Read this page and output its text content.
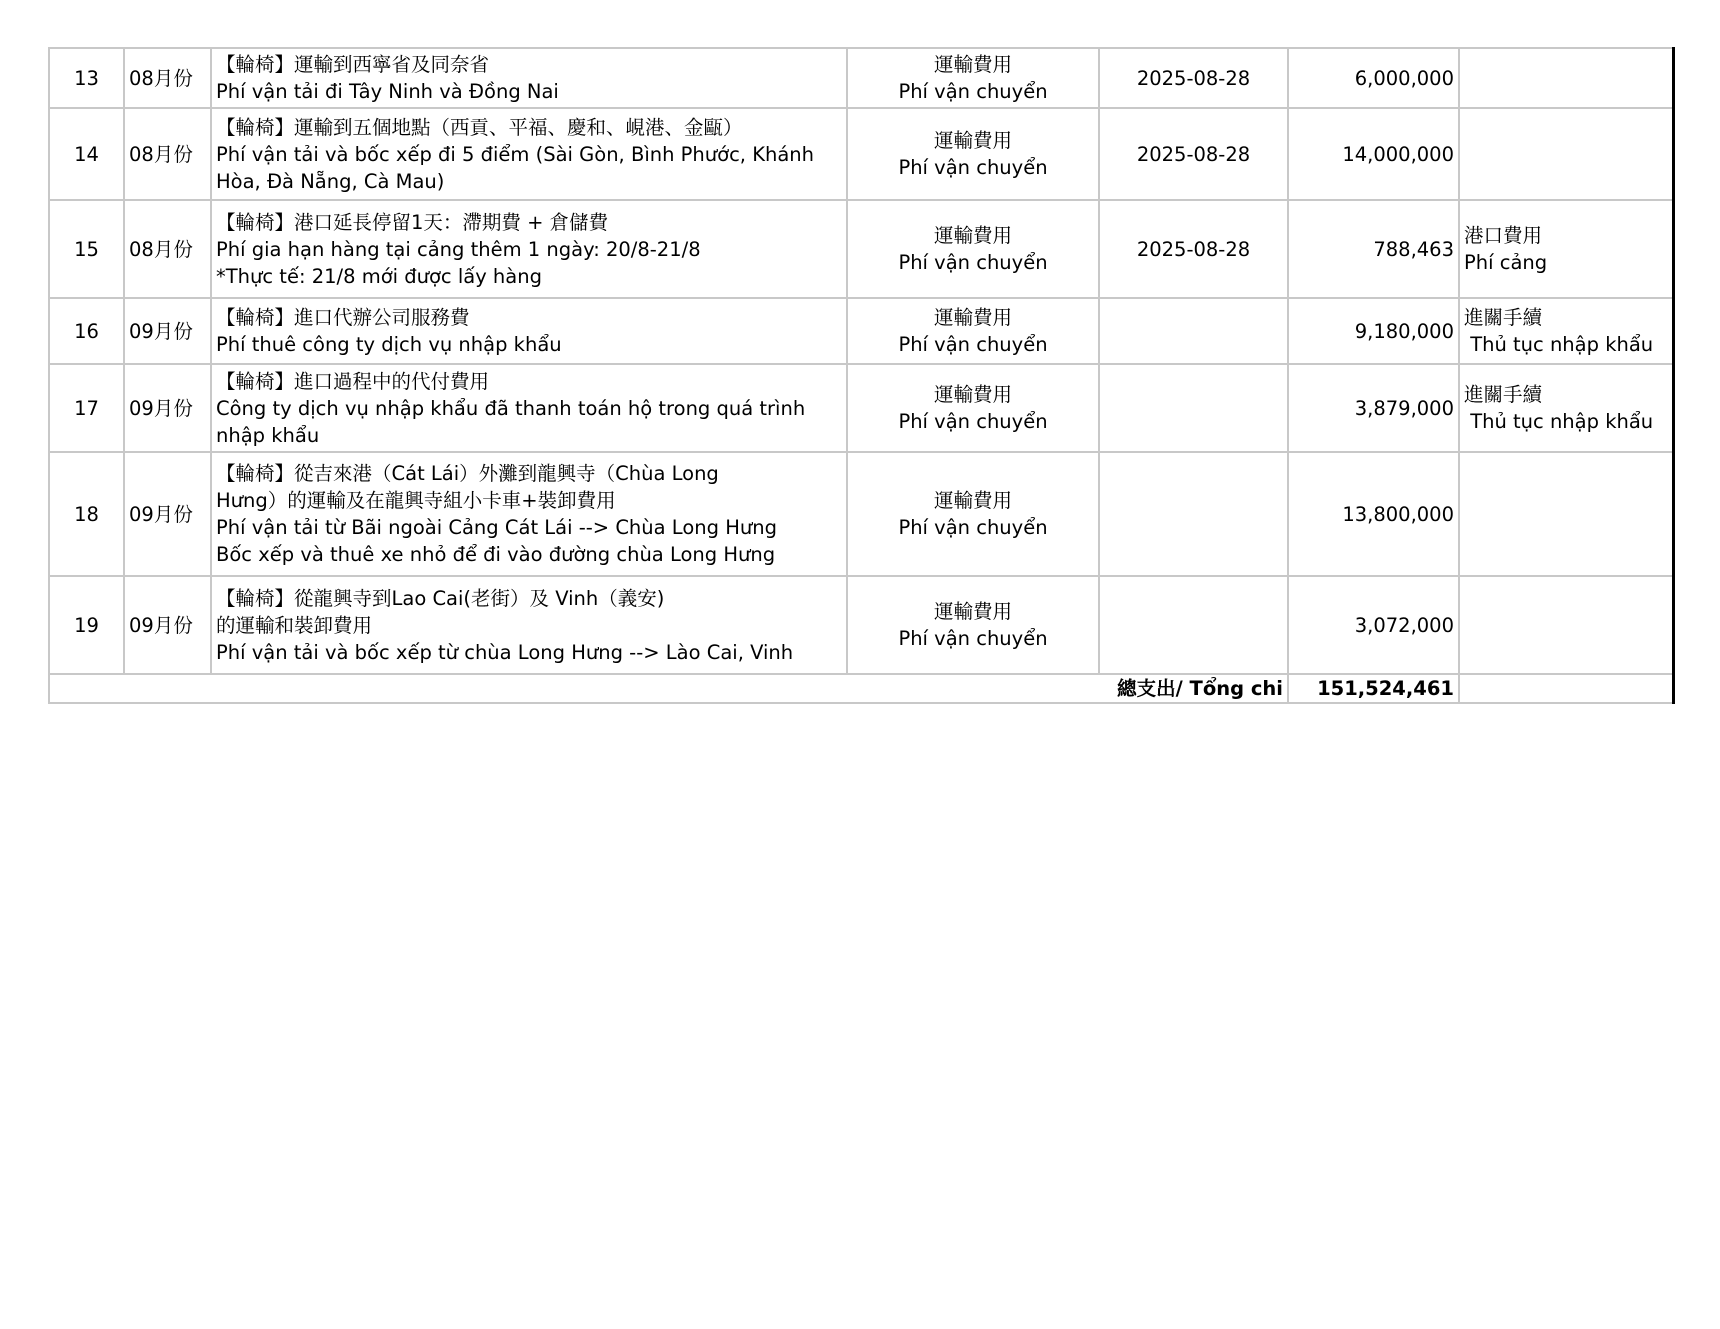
13	08月份	【輪椅】運輸到西寧省及同奈省
Phí vận tải đi Tây Ninh và Đồng Nai	運輸費用
Phí vận chuyển	2025-08-28	6,000,000	
14	08月份	【輪椅】運輸到五個地點（西貢、平福、慶和、峴港、金甌）
Phí vận tải và bốc xếp đi 5 điểm (Sài Gòn, Bình Phước, Khánh
Hòa, Đà Nẵng, Cà Mau)	運輸費用
Phí vận chuyển	2025-08-28	14,000,000	
15	08月份	【輪椅】港口延長停留1天：滯期費 + 倉儲費
Phí gia hạn hàng tại cảng thêm 1 ngày: 20/8-21/8
*Thực tế: 21/8 mới được lấy hàng	運輸費用
Phí vận chuyển	2025-08-28	788,463	港口費用
Phí cảng

16	09月份	【輪椅】進口代辦公司服務費
Phí thuê công ty dịch vụ nhập khẩu	運輸費用
Phí vận chuyển		9,180,000	進關手續
Thủ tục nhập khẩu

17	09月份	【輪椅】進口過程中的代付費用
Công ty dịch vụ nhập khẩu đã thanh toán hộ trong quá trình
nhập khẩu	運輸費用
Phí vận chuyển		3,879,000	進關手續
Thủ tục nhập khẩu

18	09月份	【輪椅】從吉來港（Cát Lái）外灘到龍興寺（Chùa Long
Hưng）的運輸及在龍興寺組小卡車+裝卸費用
Phí vận tải từ Bãi ngoài Cảng Cát Lái --> Chùa Long Hưng
Bốc xếp và thuê xe nhỏ để đi vào đường chùa Long Hưng	運輸費用
Phí vận chuyển		13,800,000	
19	09月份	【輪椅】從龍興寺到Lao Cai(老街）及 Vinh（義安)
的運輸和裝卸費用
Phí vận tải và bốc xếp từ chùa Long Hưng --> Lào Cai, Vinh	運輸費用
Phí vận chuyển		3,072,000	
總支出/ Tổng chi					151,524,461	
